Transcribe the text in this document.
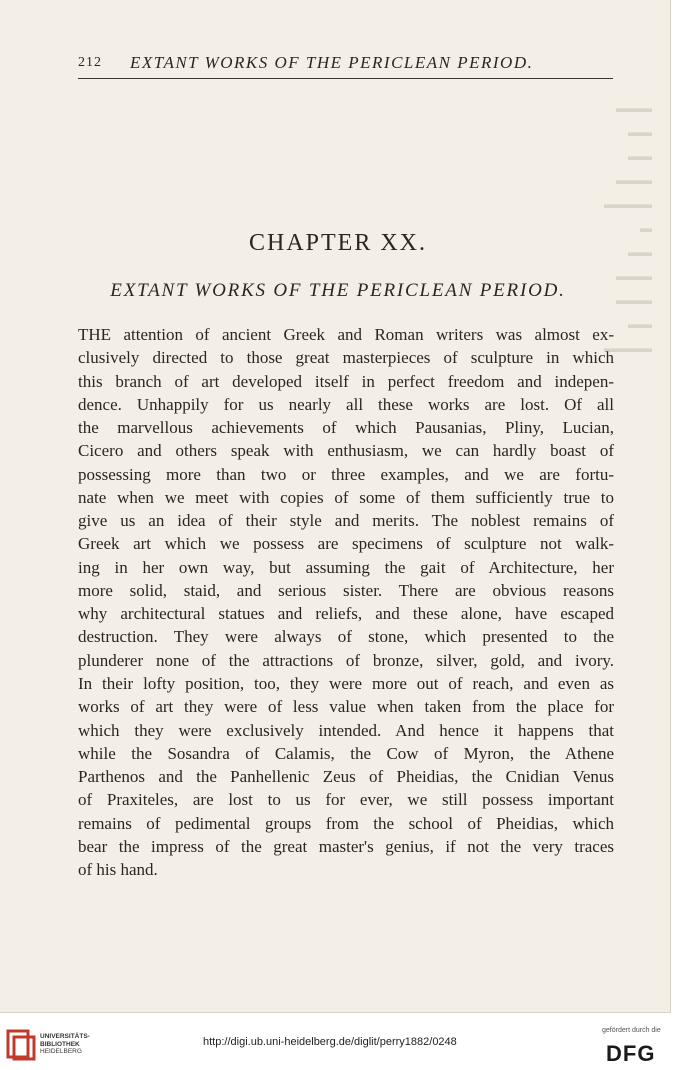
▬▬▬ ▬▬
▬▬ ▬▬▬
▬▬▬▬ ▬
▬▬ ▬▬▬
▬▬▬ ▬▬
▬▬▬▬

212 EXTANT WORKS OF THE PERICLEAN PERIOD.
CHAPTER XX.
EXTANT WORKS OF THE PERICLEAN PERIOD.
THE attention of ancient Greek and Roman writers was almost ex-
clusively directed to those great masterpieces of sculpture in which
this branch of art developed itself in perfect freedom and indepen-
dence. Unhappily for us nearly all these works are lost. Of all
the marvellous achievements of which Pausanias, Pliny, Lucian,
Cicero and others speak with enthusiasm, we can hardly boast of
possessing more than two or three examples, and we are fortu-
nate when we meet with copies of some of them sufficiently true to
give us an idea of their style and merits. The noblest remains of
Greek art which we possess are specimens of sculpture not walk-
ing in her own way, but assuming the gait of Architecture, her
more solid, staid, and serious sister. There are obvious reasons
why architectural statues and reliefs, and these alone, have escaped
destruction. They were always of stone, which presented to the
plunderer none of the attractions of bronze, silver, gold, and ivory.
In their lofty position, too, they were more out of reach, and even as
works of art they were of less value when taken from the place for
which they were exclusively intended. And hence it happens that
while the Sosandra of Calamis, the Cow of Myron, the Athene
Parthenos and the Panhellenic Zeus of Pheidias, the Cnidian Venus
of Praxiteles, are lost to us for ever, we still possess important
remains of pedimental groups from the school of Pheidias, which
bear the impress of the great master's genius, if not the very traces
of his hand.
UNIVERSITÄTS-
BIBLIOTHEK
HEIDELBERG
http://digi.ub.uni-heidelberg.de/diglit/perry1882/0248
gefördert durch die
DFG
